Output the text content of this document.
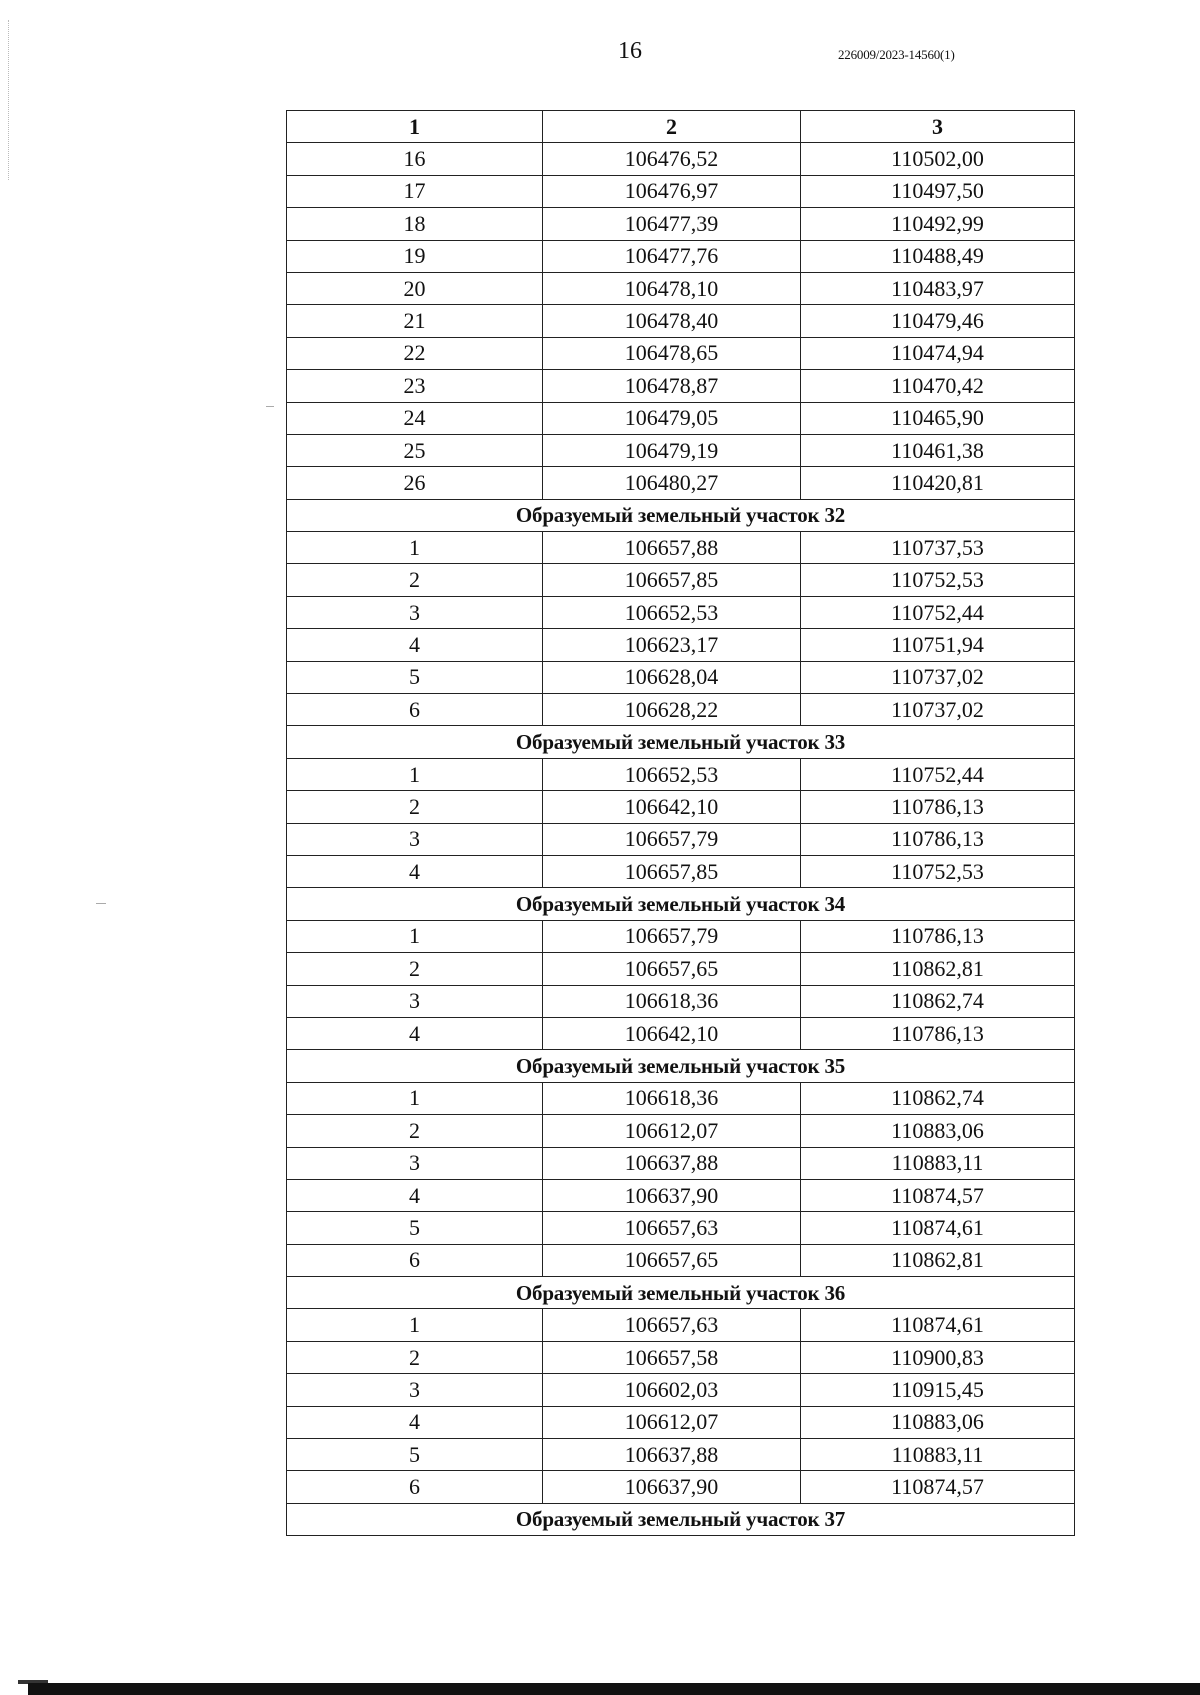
16	226009/2023-14560(1)
1	2	3
16	106476,52	110502,00
17	106476,97	110497,50
18	106477,39	110492,99
19	106477,76	110488,49
20	106478,10	110483,97
21	106478,40	110479,46
22	106478,65	110474,94
23	106478,87	110470,42
24	106479,05	110465,90
25	106479,19	110461,38
26	106480,27	110420,81
Образуемый земельный участок 32		
1	106657,88	110737,53
2	106657,85	110752,53
3	106652,53	110752,44
4	106623,17	110751,94
5	106628,04	110737,02
6	106628,22	110737,02
Образуемый земельный участок 33		
1	106652,53	110752,44
2	106642,10	110786,13
3	106657,79	110786,13
4	106657,85	110752,53
Образуемый земельный участок 34		
1	106657,79	110786,13
2	106657,65	110862,81
3	106618,36	110862,74
4	106642,10	110786,13
Образуемый земельный участок 35		
1	106618,36	110862,74
2	106612,07	110883,06
3	106637,88	110883,11
4	106637,90	110874,57
5	106657,63	110874,61
6	106657,65	110862,81
Образуемый земельный участок 36		
1	106657,63	110874,61
2	106657,58	110900,83
3	106602,03	110915,45
4	106612,07	110883,06
5	106637,88	110883,11
6	106637,90	110874,57
Образуемый земельный участок 37		
